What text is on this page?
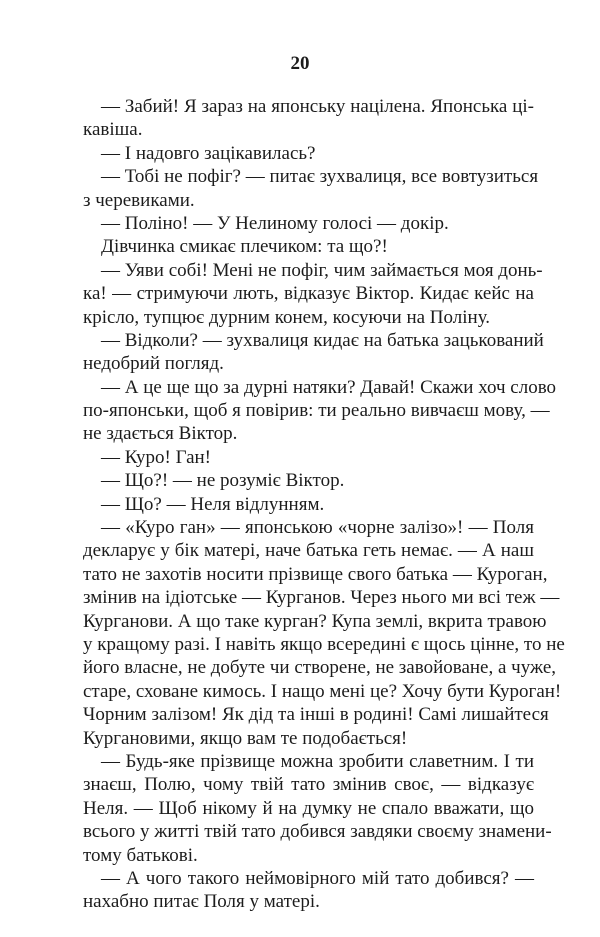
20
— Забий! Я зараз на японську націлена. Японська ці-
кавіша.
— І надовго зацікавилась?
— Тобі не пофіг? — питає зухвалиця, все вовтузиться
з черевиками.
— Поліно! — У Нелиному голосі — докір.
Дівчинка смикає плечиком: та що?!
— Уяви собі! Мені не пофіг, чим займається моя донь-
ка! — стримуючи лють, відказує Віктор. Кидає кейс на
крісло, тупцює дурним конем, косуючи на Поліну.
— Відколи? — зухвалиця кидає на батька зацькований
недобрий погляд.
— А це ще що за дурні натяки? Давай! Скажи хоч слово
по-японськи, щоб я повірив: ти реально вивчаєш мову, —
не здається Віктор.
— Куро! Ган!
— Що?! — не розуміє Віктор.
— Що? — Неля відлунням.
— «Куро ган» — японською «чорне залізо»! — Поля
декларує у бік матері, наче батька геть немає. — А наш
тато не захотів носити прізвище свого батька — Куроган,
змінив на ідіотське — Курганов. Через нього ми всі теж —
Курганови. А що таке курган? Купа землі, вкрита травою
у кращому разі. І навіть якщо всередині є щось цінне, то не
його власне, не добуте чи створене, не завойоване, а чуже,
старе, сховане кимось. І нащо мені це? Хочу бути Куроган!
Чорним залізом! Як дід та інші в родині! Самі лишайтеся
Кургановими, якщо вам те подобається!
— Будь-яке прізвище можна зробити славетним. І ти
знаєш, Полю, чому твій тато змінив своє, — відказує
Неля. — Щоб нікому й на думку не спало вважати, що
всього у житті твій тато добився завдяки своєму знамени-
тому батькові.
— А чого такого неймовірного мій тато добився? —
нахабно питає Поля у матері.
